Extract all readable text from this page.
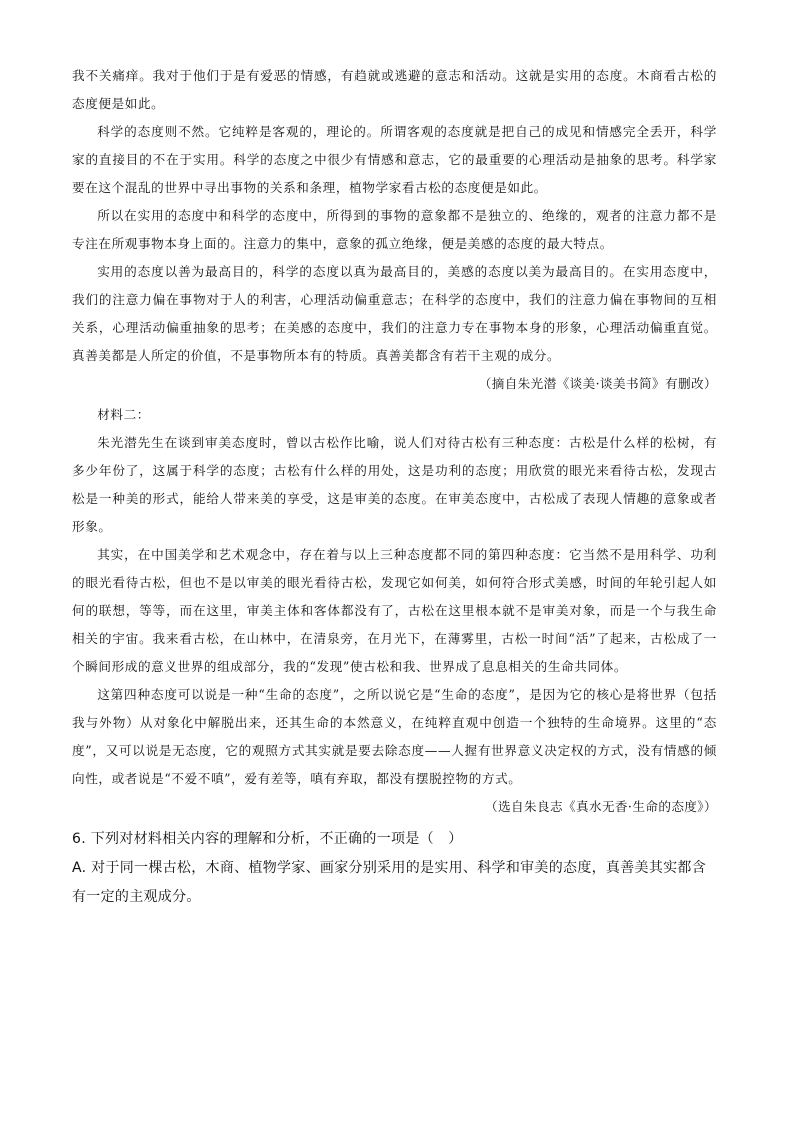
我不关痛痒。我对于他们于是有爱恶的情感，有趋就或逃避的意志和活动。这就是实用的态度。木商看古松的态度便是如此。

科学的态度则不然。它纯粹是客观的，理论的。所谓客观的态度就是把自己的成见和情感完全丢开，科学家的直接目的不在于实用。科学的态度之中很少有情感和意志，它的最重要的心理活动是抽象的思考。科学家要在这个混乱的世界中寻出事物的关系和条理，植物学家看古松的态度便是如此。

所以在实用的态度中和科学的态度中，所得到的事物的意象都不是独立的、绝缘的，观者的注意力都不是专注在所观事物本身上面的。注意力的集中，意象的孤立绝缘，便是美感的态度的最大特点。

实用的态度以善为最高目的，科学的态度以真为最高目的，美感的态度以美为最高目的。在实用态度中，我们的注意力偏在事物对于人的利害，心理活动偏重意志；在科学的态度中，我们的注意力偏在事物间的互相关系，心理活动偏重抽象的思考；在美感的态度中，我们的注意力专在事物本身的形象，心理活动偏重直觉。真善美都是人所定的价值，不是事物所本有的特质。真善美都含有若干主观的成分。

（摘自朱光潜《谈美·谈美书简》有删改）

材料二：

朱光潜先生在谈到审美态度时，曾以古松作比喻，说人们对待古松有三种态度：古松是什么样的松树，有多少年份了，这属于科学的态度；古松有什么样的用处，这是功利的态度；用欣赏的眼光来看待古松，发现古松是一种美的形式，能给人带来美的享受，这是审美的态度。在审美态度中，古松成了表现人情趣的意象或者形象。

其实，在中国美学和艺术观念中，存在着与以上三种态度都不同的第四种态度：它当然不是用科学、功利的眼光看待古松，但也不是以审美的眼光看待古松，发现它如何美，如何符合形式美感，时间的年轮引起人如何的联想，等等，而在这里，审美主体和客体都没有了，古松在这里根本就不是审美对象，而是一个与我生命相关的宇宙。我来看古松，在山林中，在清泉旁，在月光下，在薄雾里，古松一时间“活”了起来，古松成了一个瞬间形成的意义世界的组成部分，我的“发现”使古松和我、世界成了息息相关的生命共同体。

这第四种态度可以说是一种“生命的态度”，之所以说它是“生命的态度”，是因为它的核心是将世界（包括我与外物）从对象化中解脱出来，还其生命的本然意义，在纯粹直观中创造一个独特的生命境界。这里的“态度”，又可以说是无态度，它的观照方式其实就是要去除态度——人握有世界意义决定权的方式，没有情感的倾向性，或者说是“不爱不嗔”，爱有差等，嗔有弃取，都没有摆脱控物的方式。

（选自朱良志《真水无香·生命的态度》）

6. 下列对材料相关内容的理解和分析，不正确的一项是（　）

A. 对于同一棵古松，木商、植物学家、画家分别采用的是实用、科学和审美的态度，真善美其实都含有一定的主观成分。
